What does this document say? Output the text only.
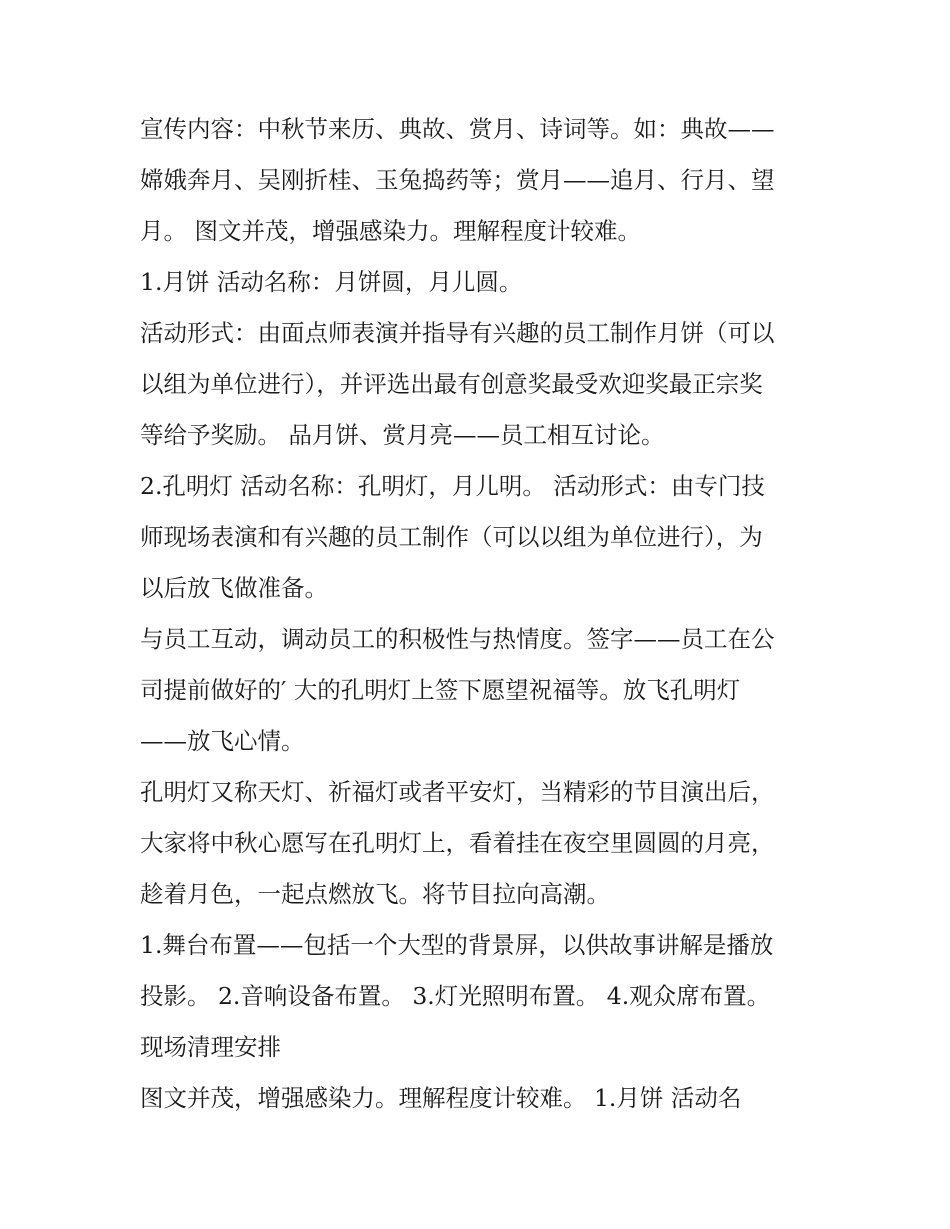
宣传内容：中秋节来历、典故、赏月、诗词等。如：典故——
嫦娥奔月、吴刚折桂、玉兔捣药等；赏月——追月、行月、望
月。 图文并茂，增强感染力。理解程度计较难。

1.月饼 活动名称：月饼圆，月儿圆。

活动形式：由面点师表演并指导有兴趣的员工制作月饼（可以
以组为单位进行），并评选出最有创意奖最受欢迎奖最正宗奖
等给予奖励。 品月饼、赏月亮——员工相互讨论。

2.孔明灯 活动名称：孔明灯，月儿明。 活动形式：由专门技
师现场表演和有兴趣的员工制作（可以以组为单位进行），为
以后放飞做准备。

与员工互动，调动员工的积极性与热情度。签字——员工在公
司提前做好的′ 大的孔明灯上签下愿望祝福等。放飞孔明灯
——放飞心情。

孔明灯又称天灯、祈福灯或者平安灯，当精彩的节目演出后，
大家将中秋心愿写在孔明灯上，看着挂在夜空里圆圆的月亮，
趁着月色，一起点燃放飞。将节目拉向高潮。

1.舞台布置——包括一个大型的背景屏，以供故事讲解是播放
投影。 2.音响设备布置。 3.灯光照明布置。 4.观众席布置。

现场清理安排

图文并茂，增强感染力。理解程度计较难。 1.月饼 活动名
